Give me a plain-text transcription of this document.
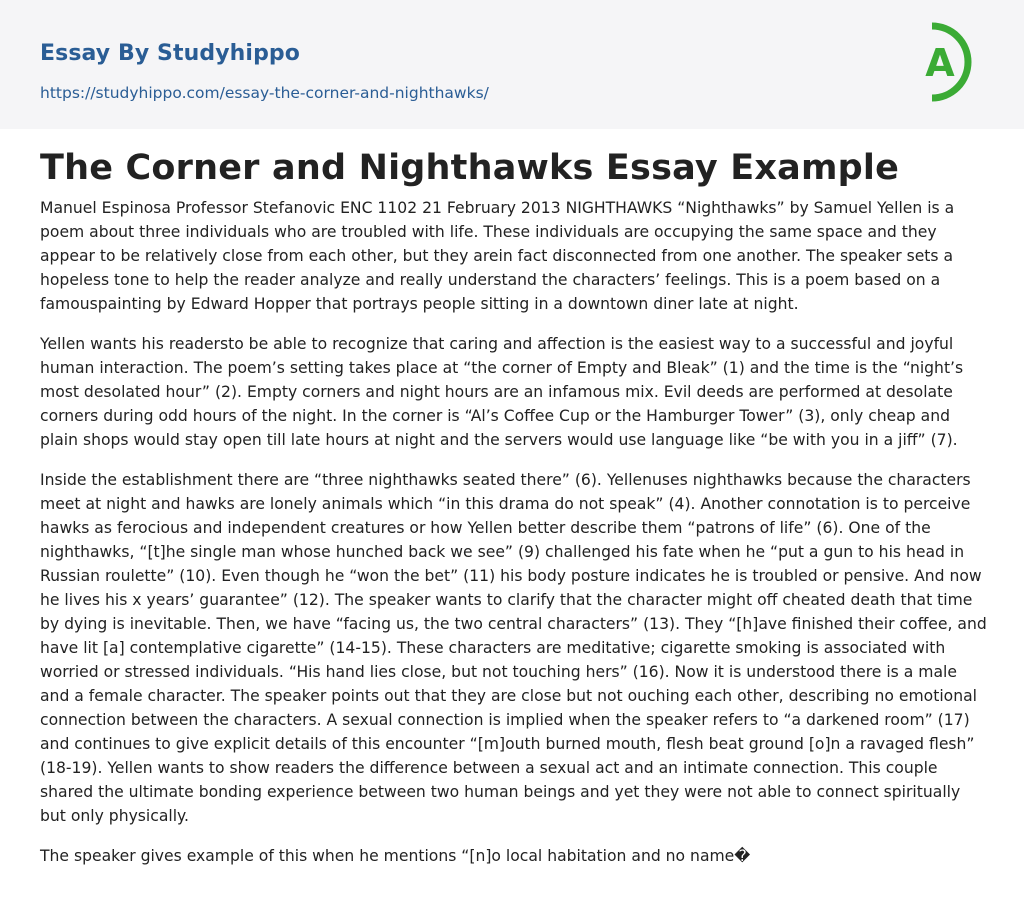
Essay By Studyhippo
https://studyhippo.com/essay-the-corner-and-nighthawks/
A
The Corner and Nighthawks Essay Example

Manuel Espinosa Professor Stefanovic ENC 1102 21 February 2013 NIGHTHAWKS “Nighthawks” by Samuel Yellen is a poem about three individuals who are troubled with life. These individuals are occupying the same space and they appear to be relatively close from each other, but they arein fact disconnected from one another. The speaker sets a hopeless tone to help the reader analyze and really understand the characters’ feelings. This is a poem based on a famouspainting by Edward Hopper that portrays people sitting in a downtown diner late at night.

Yellen wants his readersto be able to recognize that caring and affection is the easiest way to a successful and joyful human interaction. The poem’s setting takes place at “the corner of Empty and Bleak” (1) and the time is the “night’s most desolated hour” (2). Empty corners and night hours are an infamous mix. Evil deeds are performed at desolate corners during odd hours of the night. In the corner is “Al’s Coffee Cup or the Hamburger Tower” (3), only cheap and plain shops would stay open till late hours at night and the servers would use language like “be with you in a jiff” (7).

Inside the establishment there are “three nighthawks seated there” (6). Yellenuses nighthawks because the characters meet at night and hawks are lonely animals which “in this drama do not speak” (4). Another connotation is to perceive hawks as ferocious and independent creatures or how Yellen better describe them “patrons of life” (6). One of the nighthawks, “[t]he single man whose hunched back we see” (9) challenged his fate when he “put a gun to his head in Russian roulette” (10). Even though he “won the bet” (11) his body posture indicates he is troubled or pensive. And now he lives his x years’ guarantee” (12). The speaker wants to clarify that the character might off cheated death that time by dying is inevitable. Then, we have “facing us, the two central characters” (13). They “[h]ave finished their coffee, and have lit [a] contemplative cigarette” (14-15). These characters are meditative; cigarette smoking is associated with worried or stressed individuals. “His hand lies close, but not touching hers” (16). Now it is understood there is a male and a female character. The speaker points out that they are close but not ouching each other, describing no emotional connection between the characters. A sexual connection is implied when the speaker refers to “a darkened room” (17) and continues to give explicit details of this encounter “[m]outh burned mouth, flesh beat ground [o]n a ravaged flesh” (18-19). Yellen wants to show readers the difference between a sexual act and an intimate connection. This couple shared the ultimate bonding experience between two human beings and yet they were not able to connect spiritually but only physically.

The speaker gives example of this when he mentions “[n]o local habitation and no name�
